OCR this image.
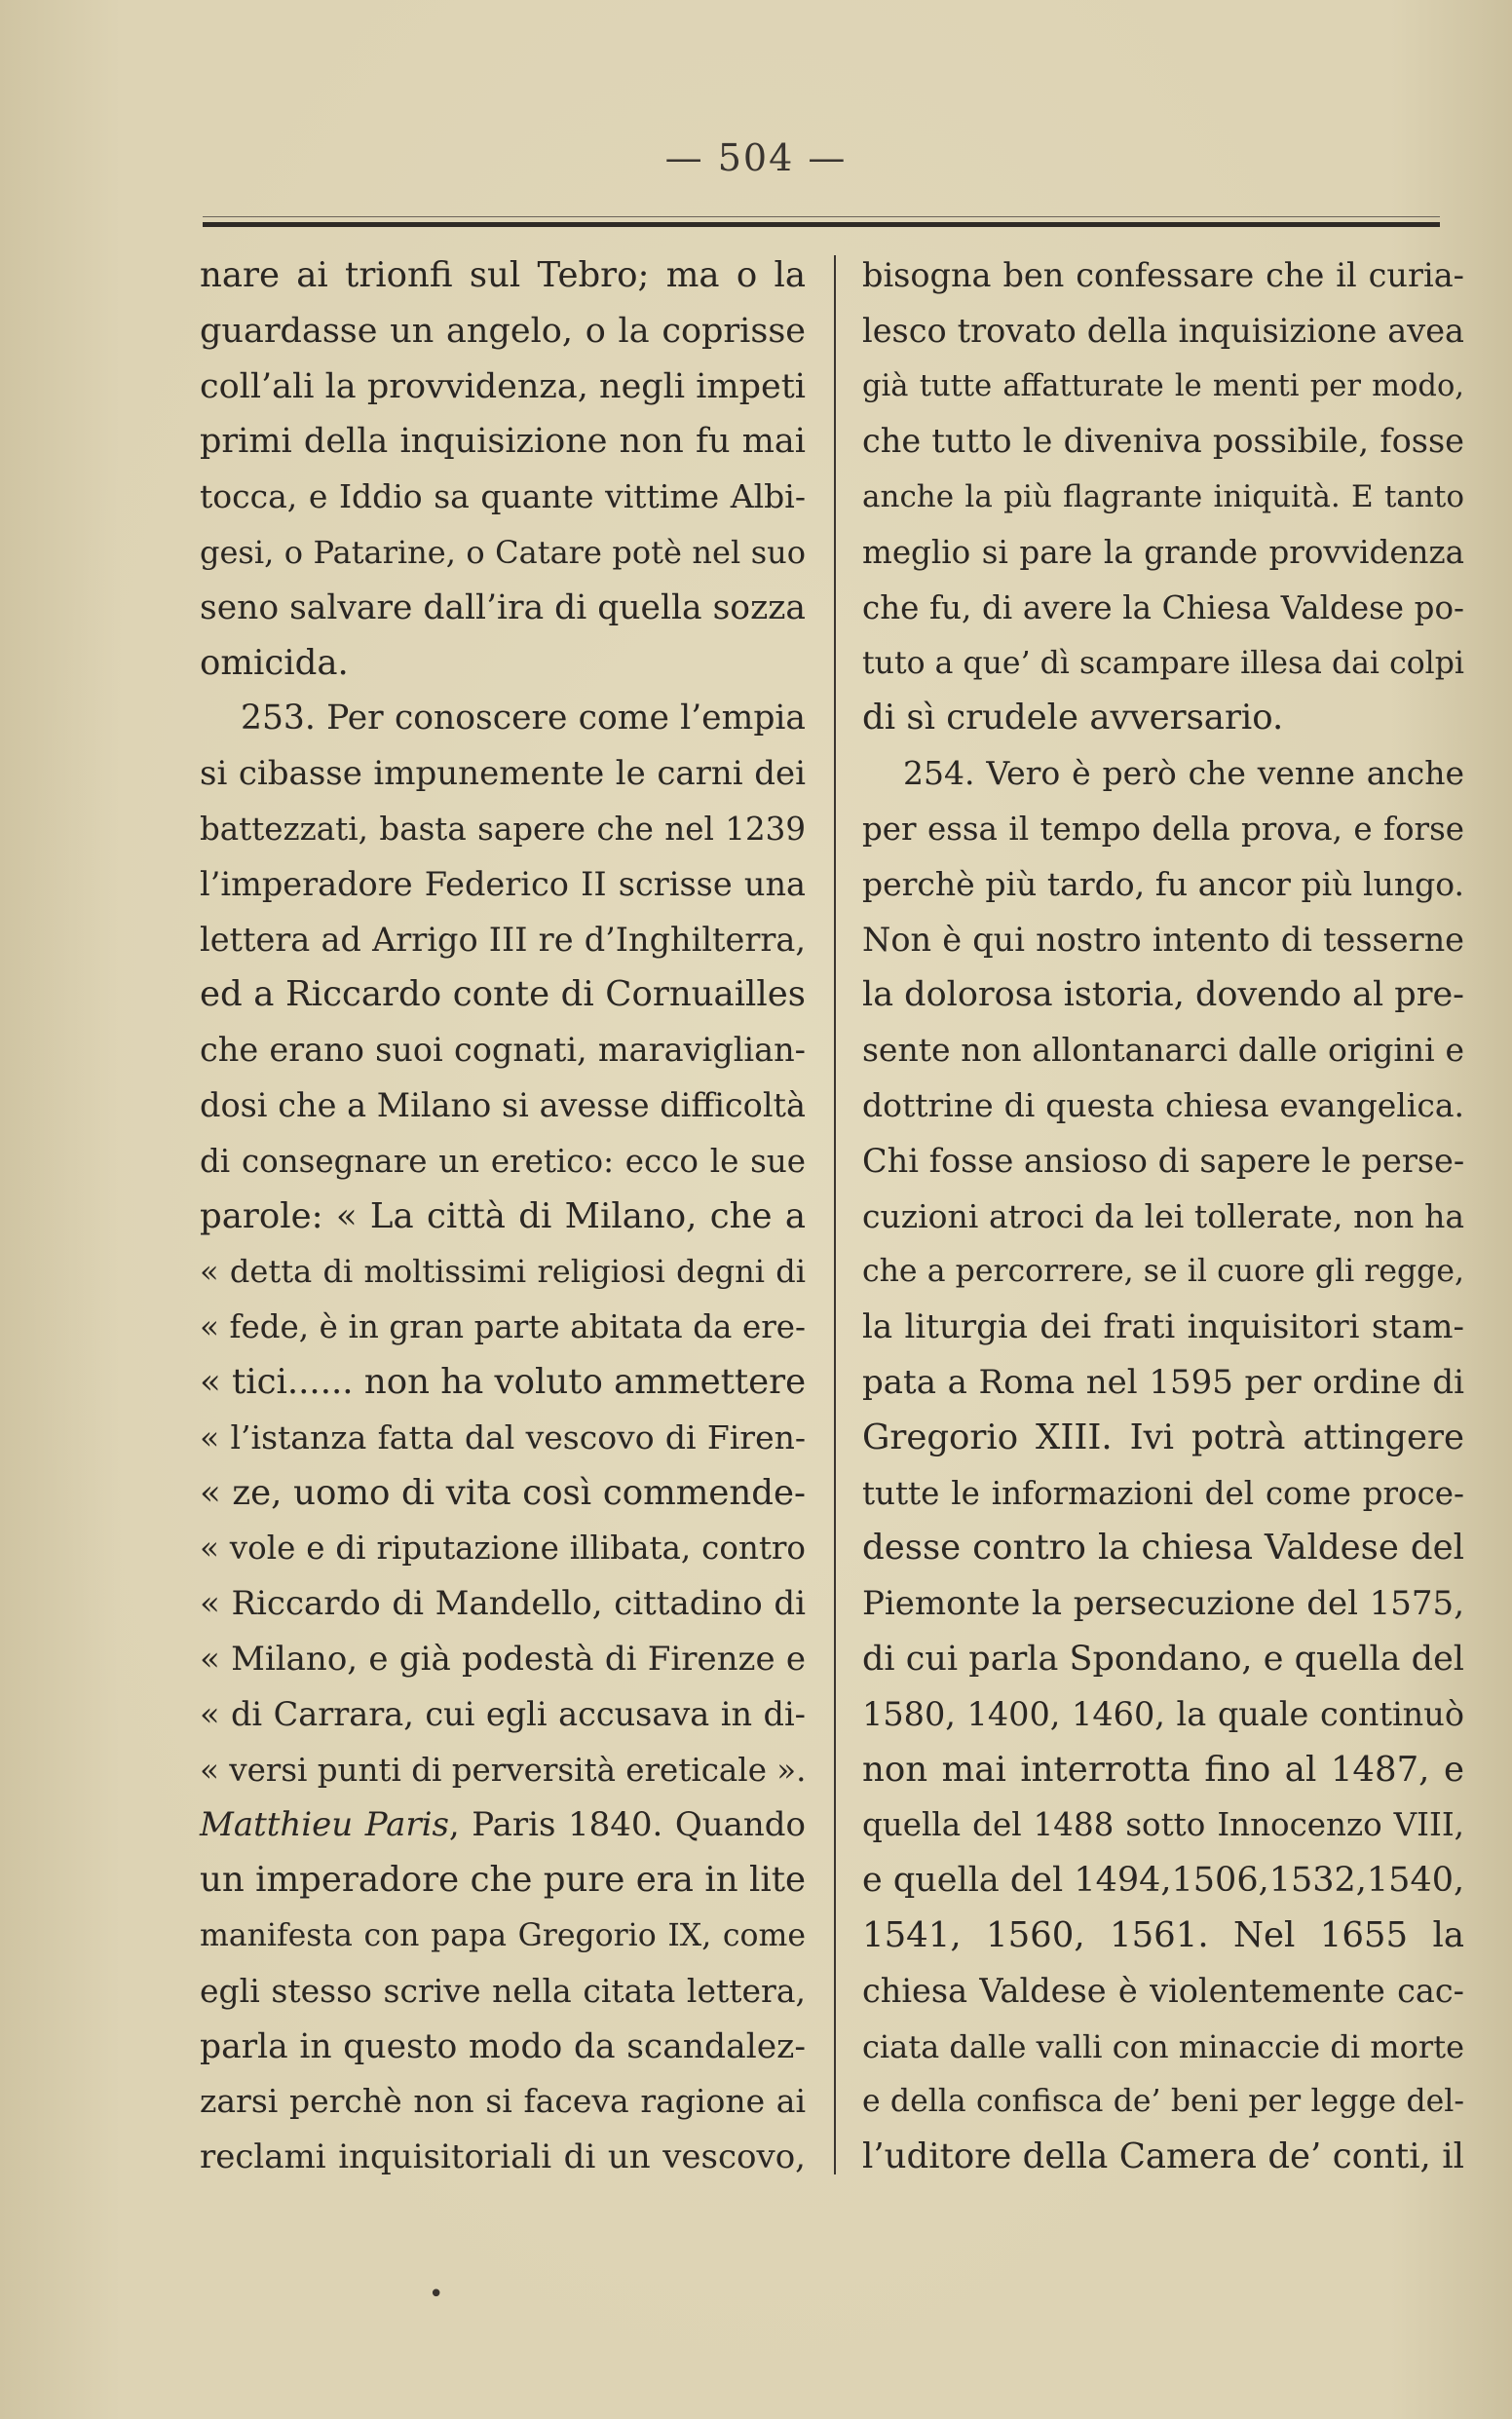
— 504 —
nare ai trionfi sul Tebro; ma o la
guardasse un angelo, o la coprisse
coll’ali la provvidenza, negli impeti
primi della inquisizione non fu mai
tocca, e Iddio sa quante vittime Albi-
gesi, o Patarine, o Catare potè nel suo
seno salvare dall’ira di quella sozza
omicida.
253. Per conoscere come l’empia
si cibasse impunemente le carni dei
battezzati, basta sapere che nel 1239
l’imperadore Federico II scrisse una
lettera ad Arrigo III re d’Inghilterra,
ed a Riccardo conte di Cornuailles
che erano suoi cognati, maraviglian-
dosi che a Milano si avesse difficoltà
di consegnare un eretico: ecco le sue
parole: « La città di Milano, che a
« detta di moltissimi religiosi degni di
« fede, è in gran parte abitata da ere-
« tici...... non ha voluto ammettere
« l’istanza fatta dal vescovo di Firen-
« ze, uomo di vita così commende-
« vole e di riputazione illibata, contro
« Riccardo di Mandello, cittadino di
« Milano, e già podestà di Firenze e
« di Carrara, cui egli accusava in di-
« versi punti di perversità ereticale ».
Matthieu Paris, Paris 1840. Quando
un imperadore che pure era in lite
manifesta con papa Gregorio IX, come
egli stesso scrive nella citata lettera,
parla in questo modo da scandalez-
zarsi perchè non si faceva ragione ai
reclami inquisitoriali di un vescovo,
bisogna ben confessare che il curia-
lesco trovato della inquisizione avea
già tutte affatturate le menti per modo,
che tutto le diveniva possibile, fosse
anche la più flagrante iniquità. E tanto
meglio si pare la grande provvidenza
che fu, di avere la Chiesa Valdese po-
tuto a que’ dì scampare illesa dai colpi
di sì crudele avversario.
254. Vero è però che venne anche
per essa il tempo della prova, e forse
perchè più tardo, fu ancor più lungo.
Non è qui nostro intento di tesserne
la dolorosa istoria, dovendo al pre-
sente non allontanarci dalle origini e
dottrine di questa chiesa evangelica.
Chi fosse ansioso di sapere le perse-
cuzioni atroci da lei tollerate, non ha
che a percorrere, se il cuore gli regge,
la liturgia dei frati inquisitori stam-
pata a Roma nel 1595 per ordine di
Gregorio XIII. Ivi potrà attingere
tutte le informazioni del come proce-
desse contro la chiesa Valdese del
Piemonte la persecuzione del 1575,
di cui parla Spondano, e quella del
1580, 1400, 1460, la quale continuò
non mai interrotta fino al 1487, e
quella del 1488 sotto Innocenzo VIII,
e quella del 1494,1506,1532,1540,
1541, 1560, 1561. Nel 1655 la
chiesa Valdese è violentemente cac-
ciata dalle valli con minaccie di morte
e della confisca de’ beni per legge del-
l’uditore della Camera de’ conti, il
•
